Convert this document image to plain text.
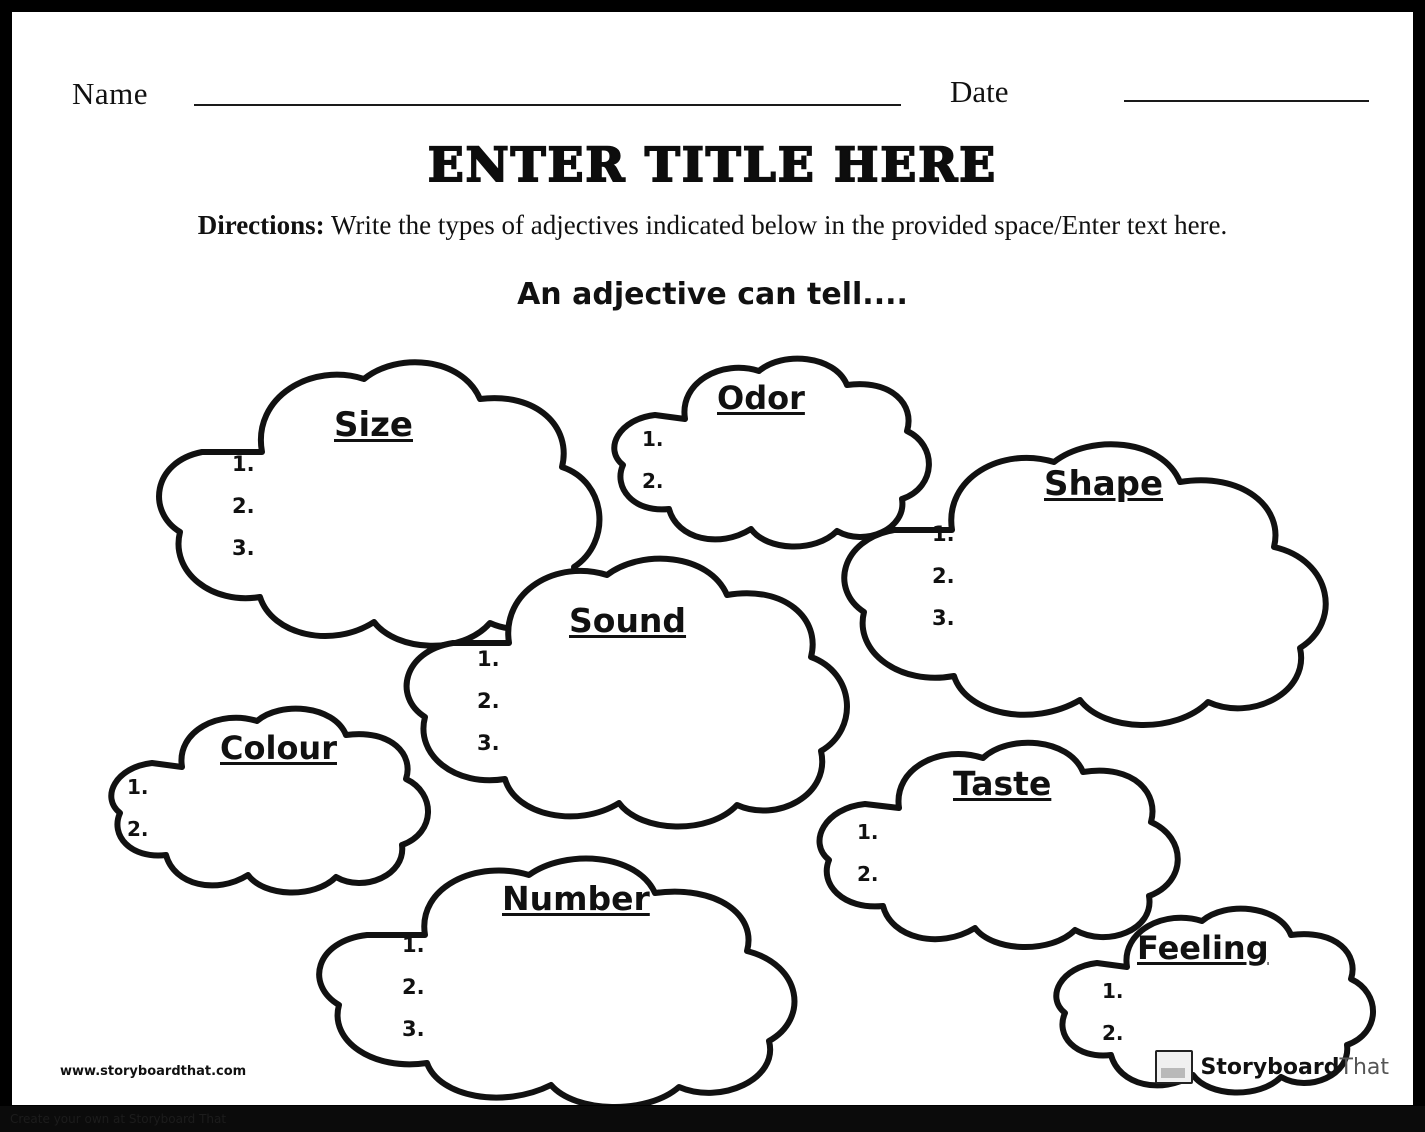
Name	Date
ENTER TITLE HERE
Directions: Write the types of adjectives indicated below in the provided space/Enter text here.
An adjective can tell....
Size
1.
2.
3.
Odor
1.
2.	Shape
1.
2.
3.
Sound
1.
2.
3.
Colour
1.
2.
Taste
1.
2.
Number
1.
2.
3.
Feeling
1.
2.
www.storyboardthat.com	StoryboardThat
Create your own at Storyboard That
